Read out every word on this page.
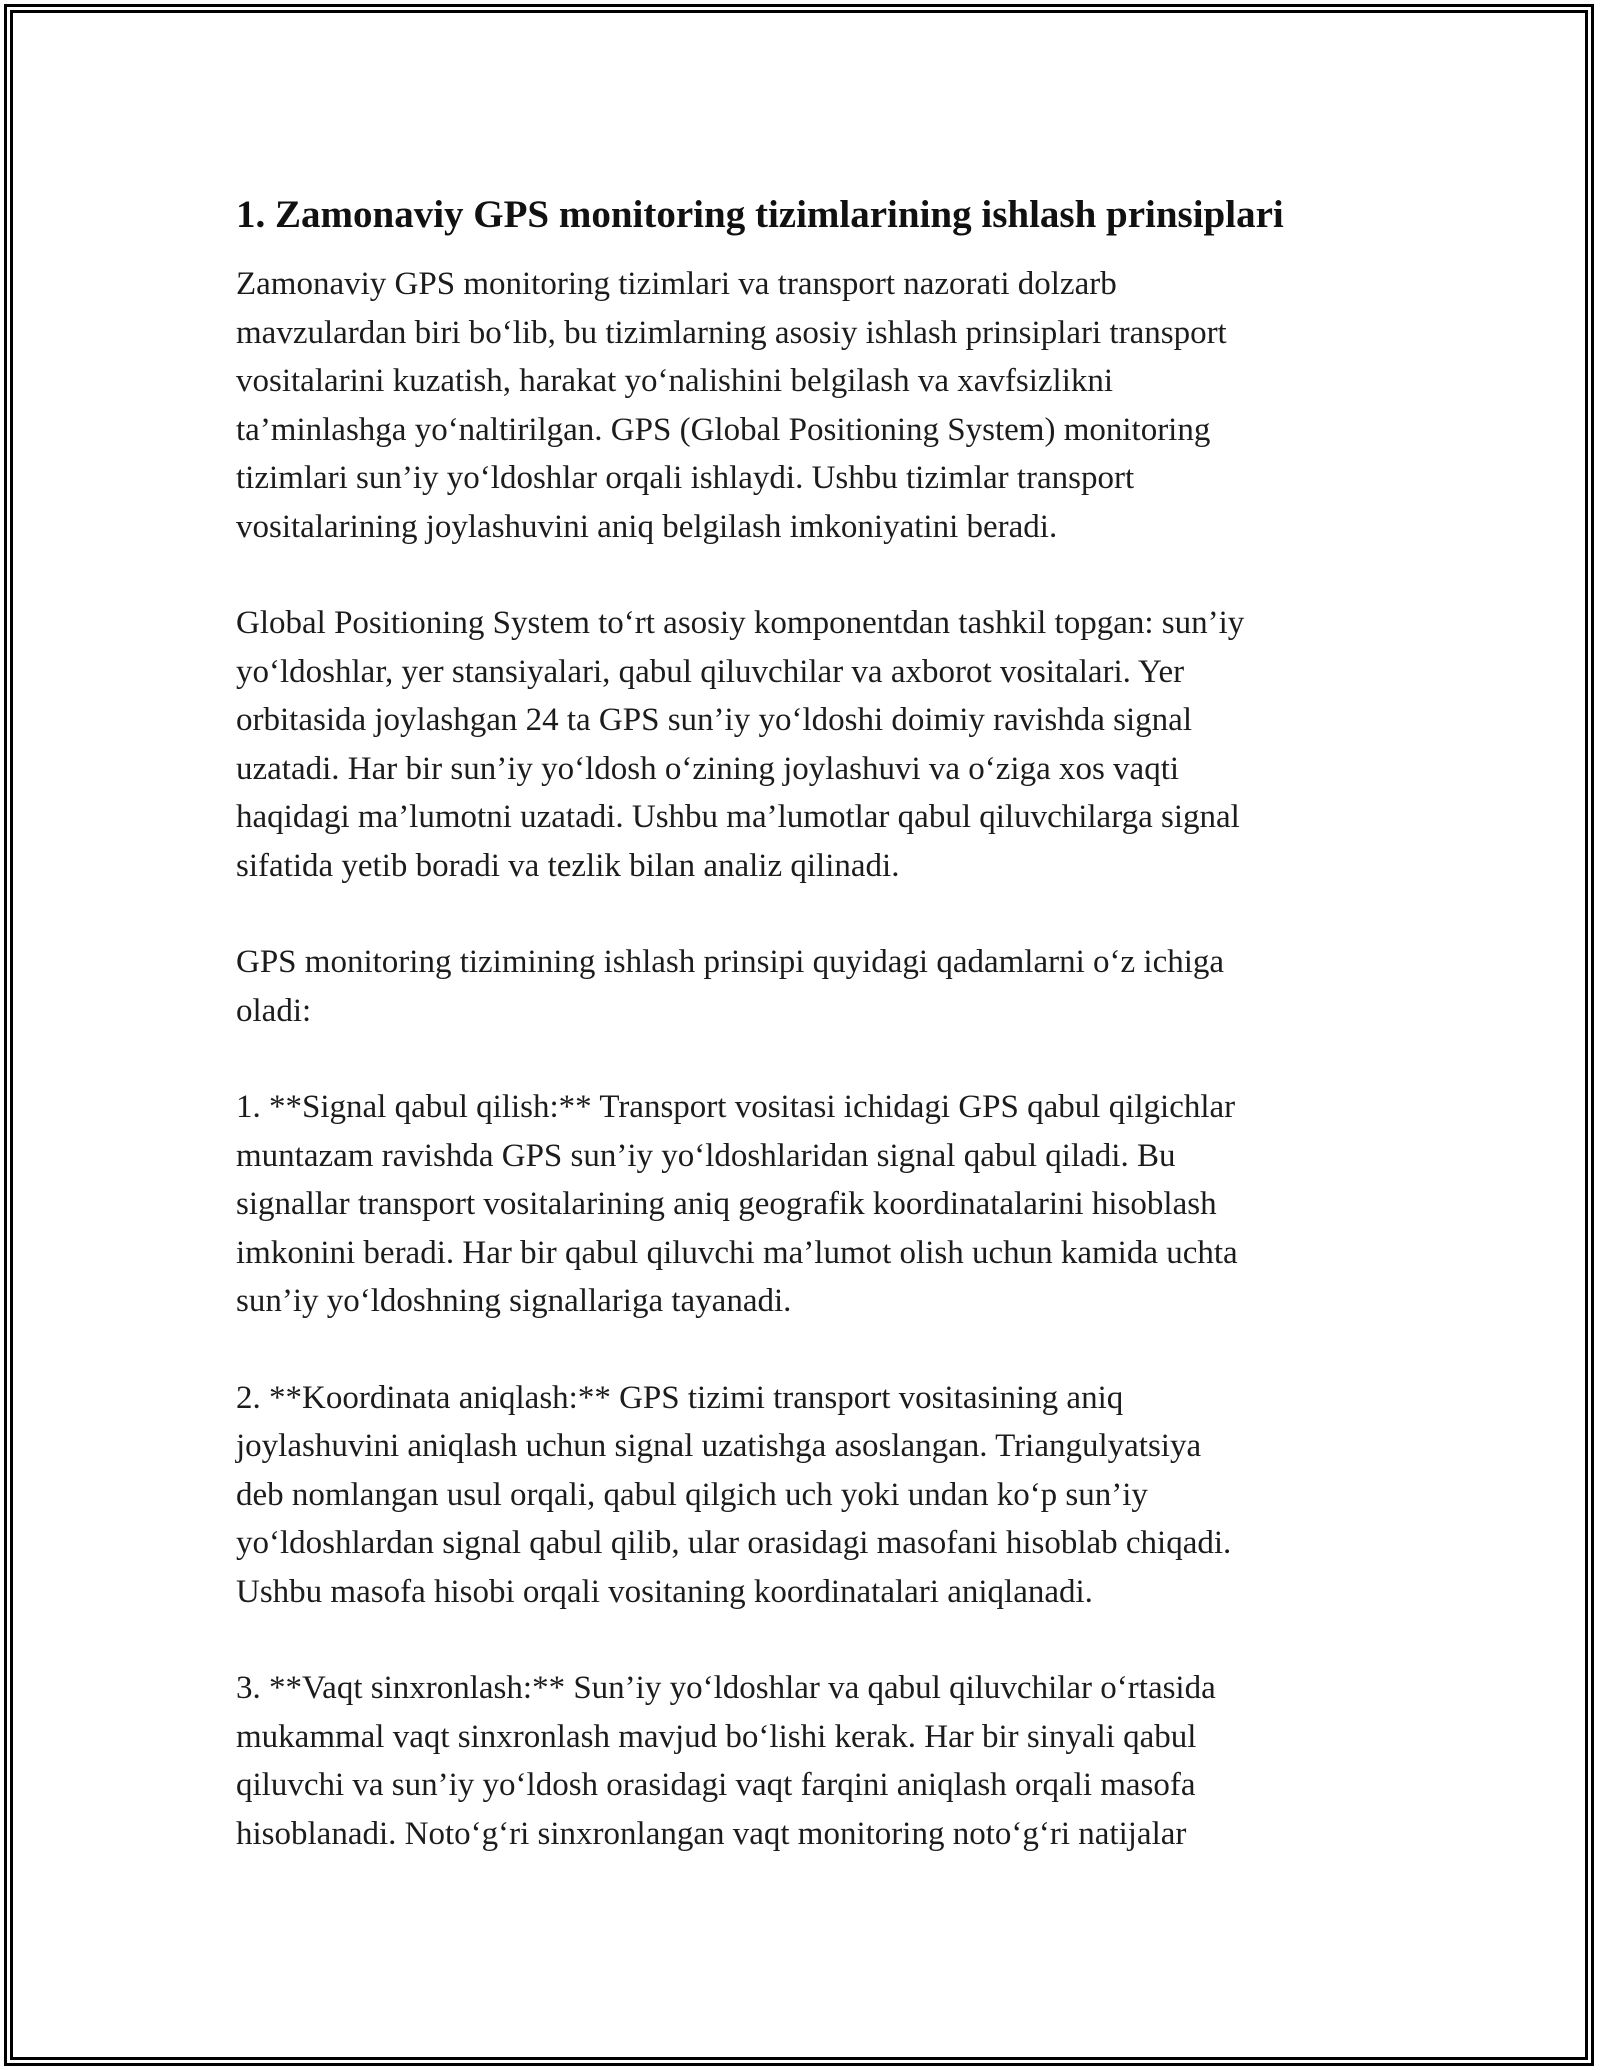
1. Zamonaviy GPS monitoring tizimlarining ishlash prinsiplari

Zamonaviy GPS monitoring tizimlari va transport nazorati dolzarb
mavzulardan biri bo‘lib, bu tizimlarning asosiy ishlash prinsiplari transport
vositalarini kuzatish, harakat yo‘nalishini belgilash va xavfsizlikni
ta’minlashga yo‘naltirilgan. GPS (Global Positioning System) monitoring
tizimlari sun’iy yo‘ldoshlar orqali ishlaydi. Ushbu tizimlar transport
vositalarining joylashuvini aniq belgilash imkoniyatini beradi.

Global Positioning System to‘rt asosiy komponentdan tashkil topgan: sun’iy
yo‘ldoshlar, yer stansiyalari, qabul qiluvchilar va axborot vositalari. Yer
orbitasida joylashgan 24 ta GPS sun’iy yo‘ldoshi doimiy ravishda signal
uzatadi. Har bir sun’iy yo‘ldosh o‘zining joylashuvi va o‘ziga xos vaqti
haqidagi ma’lumotni uzatadi. Ushbu ma’lumotlar qabul qiluvchilarga signal
sifatida yetib boradi va tezlik bilan analiz qilinadi.

GPS monitoring tizimining ishlash prinsipi quyidagi qadamlarni o‘z ichiga
oladi:

1. **Signal qabul qilish:** Transport vositasi ichidagi GPS qabul qilgichlar
muntazam ravishda GPS sun’iy yo‘ldoshlaridan signal qabul qiladi. Bu
signallar transport vositalarining aniq geografik koordinatalarini hisoblash
imkonini beradi. Har bir qabul qiluvchi ma’lumot olish uchun kamida uchta
sun’iy yo‘ldoshning signallariga tayanadi.

2. **Koordinata aniqlash:** GPS tizimi transport vositasining aniq
joylashuvini aniqlash uchun signal uzatishga asoslangan. Triangulyatsiya
deb nomlangan usul orqali, qabul qilgich uch yoki undan ko‘p sun’iy
yo‘ldoshlardan signal qabul qilib, ular orasidagi masofani hisoblab chiqadi.
Ushbu masofa hisobi orqali vositaning koordinatalari aniqlanadi.

3. **Vaqt sinxronlash:** Sun’iy yo‘ldoshlar va qabul qiluvchilar o‘rtasida
mukammal vaqt sinxronlash mavjud bo‘lishi kerak. Har bir sinyali qabul
qiluvchi va sun’iy yo‘ldosh orasidagi vaqt farqini aniqlash orqali masofa
hisoblanadi. Noto‘g‘ri sinxronlangan vaqt monitoring noto‘g‘ri natijalar
